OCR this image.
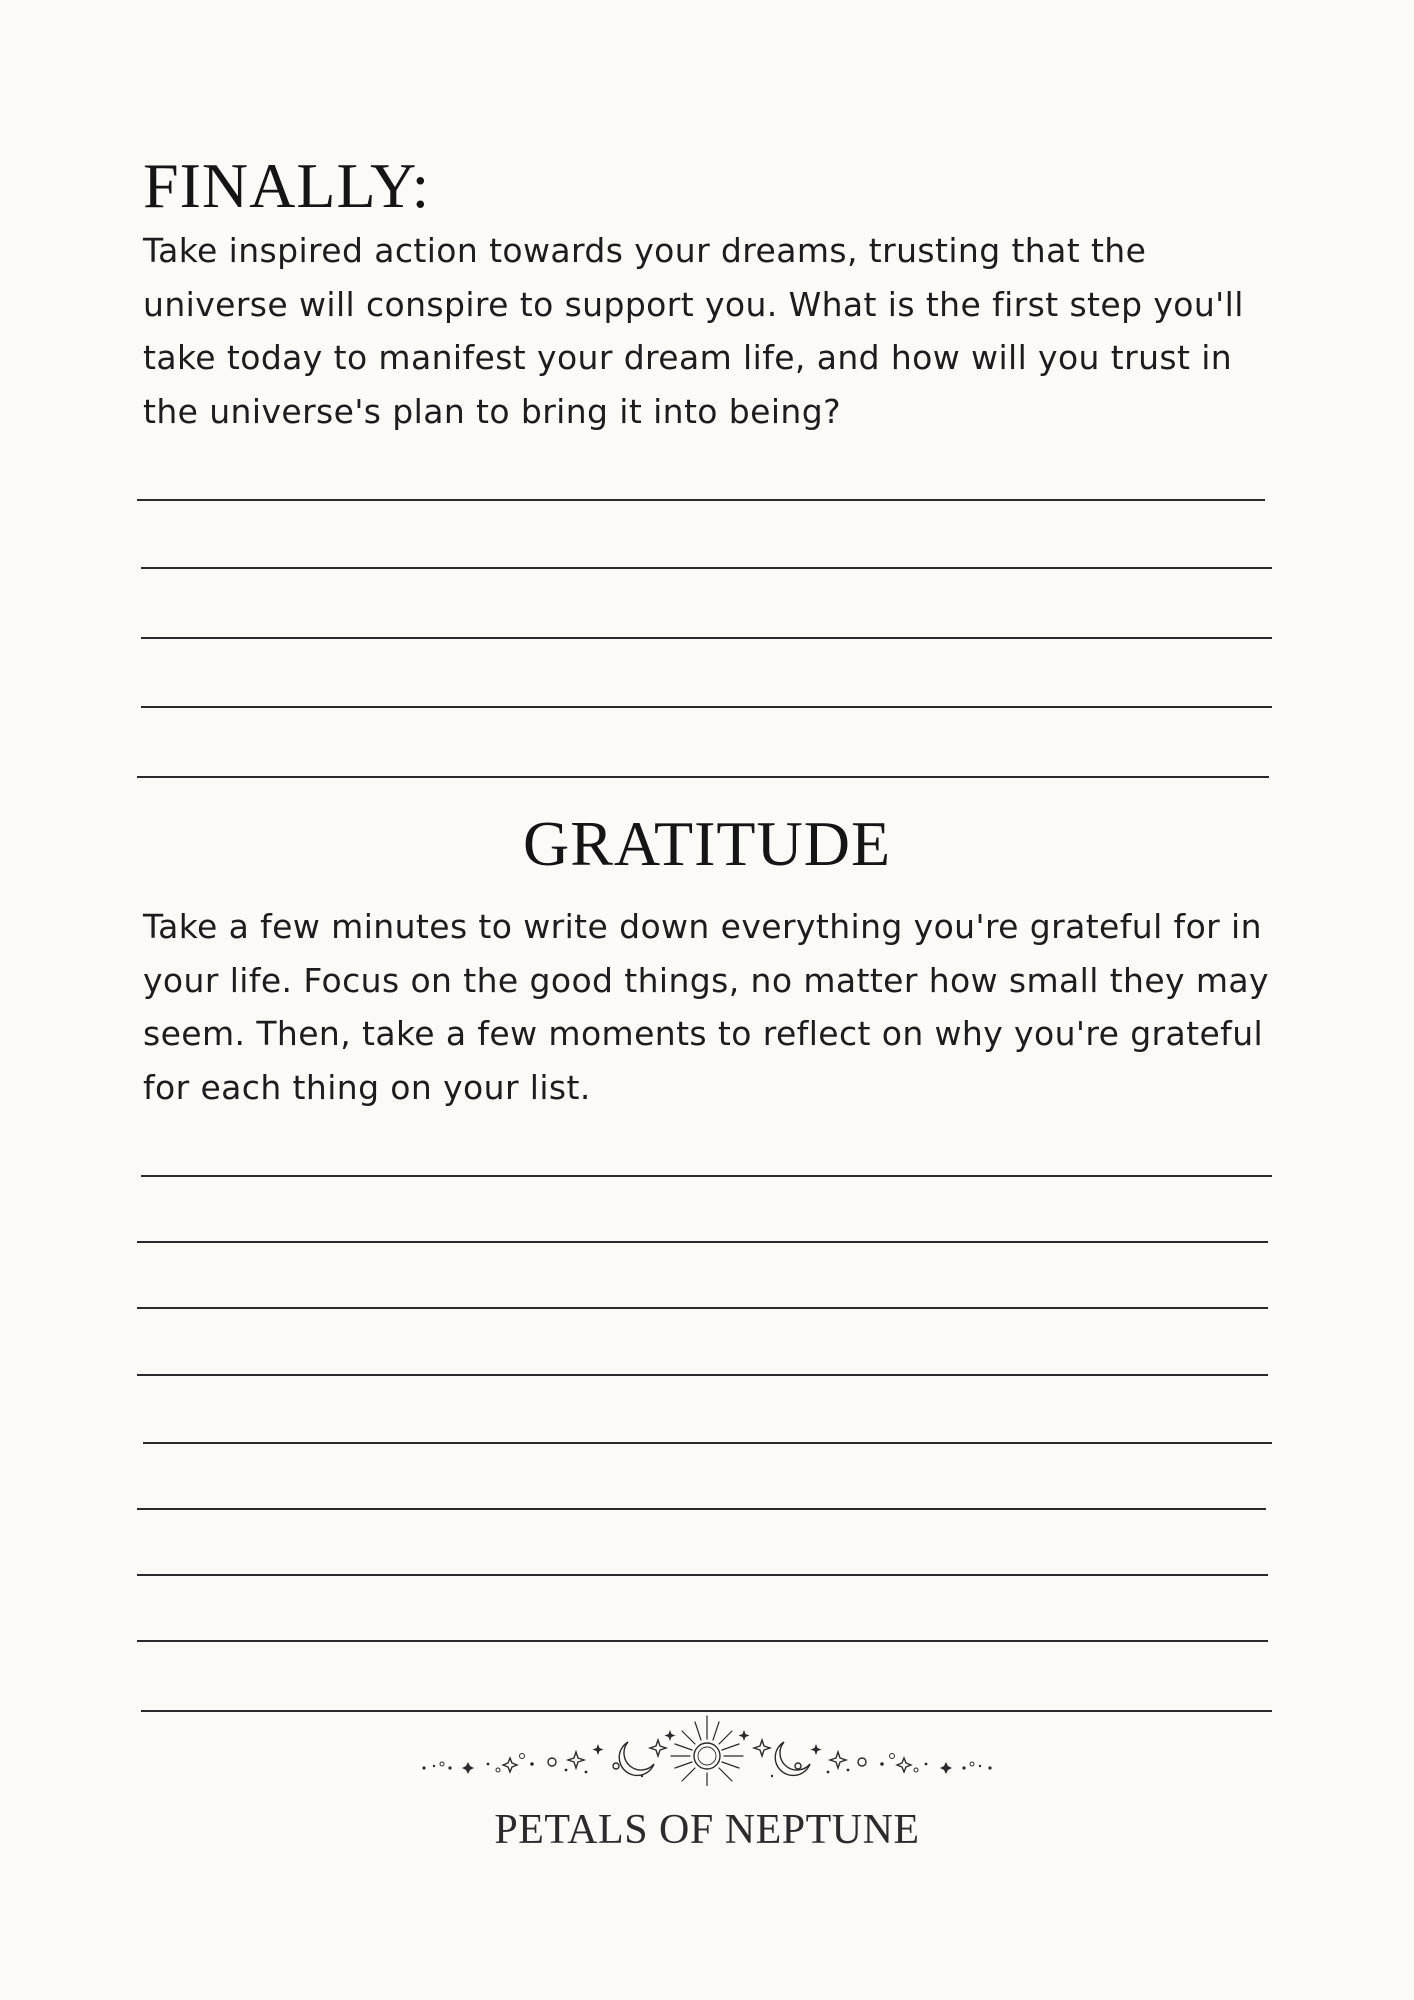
FINALLY:

Take inspired action towards your dreams, trusting that the universe will conspire to support you. What is the first step you'll take today to manifest your dream life, and how will you trust in the universe's plan to bring it into being?

GRATITUDE

Take a few minutes to write down everything you're grateful for in your life. Focus on the good things, no matter how small they may seem. Then, take a few moments to reflect on why you're grateful for each thing on your list.

PETALS OF NEPTUNE
